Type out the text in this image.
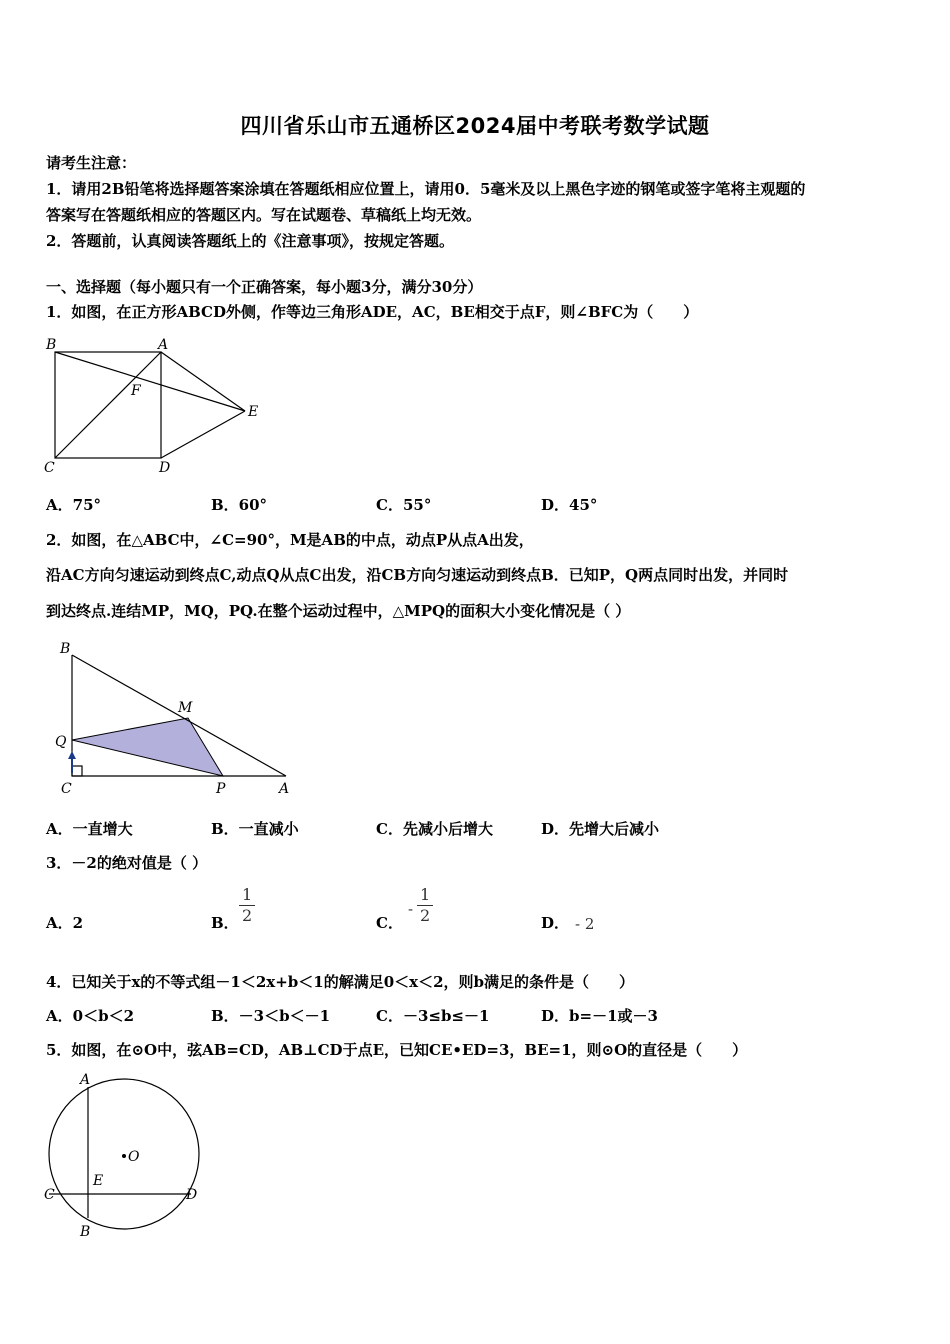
四川省乐山市五通桥区2024届中考联考数学试题
请考生注意：
1．请用2B铅笔将选择题答案涂填在答题纸相应位置上，请用0．5毫米及以上黑色字迹的钢笔或签字笔将主观题的
答案写在答题纸相应的答题区内。写在试题卷、草稿纸上均无效。
2．答题前，认真阅读答题纸上的《注意事项》，按规定答题。
一、选择题（每小题只有一个正确答案，每小题3分，满分30分）
1．如图，在正方形ABCD外侧，作等边三角形ADE，AC，BE相交于点F，则∠BFC为（　　）
B	A
F
E
C	D
A．75°	B．60°	C．55°	D．45°
2．如图，在△ABC中，∠C=90°，M是AB的中点，动点P从点A出发，
沿AC方向匀速运动到终点C,动点Q从点C出发，沿CB方向匀速运动到终点B．已知P，Q两点同时出发，并同时
到达终点.连结MP，MQ，PQ.在整个运动过程中，△MPQ的面积大小变化情况是（ ）
B
M
Q
C	P	A
A．一直增大	B．一直减小	C．先减小后增大	D．先增大后减小
3．－2的绝对值是（ ）
A．2	B． $\frac{1}{2}$	C．
- $\frac{1}{2}$	D． - 2
4．已知关于x的不等式组－1＜2x+b＜1的解满足0＜x＜2，则b满足的条件是（　　）
A．0＜b＜2	B．－3＜b＜－1	C．－3≤b≤－1	D．b=－1或－3
5．如图，在⊙O中，弦AB=CD，AB⊥CD于点E，已知CE•ED=3，BE=1，则⊙O的直径是（　　）
A
O
E
C	D
B
